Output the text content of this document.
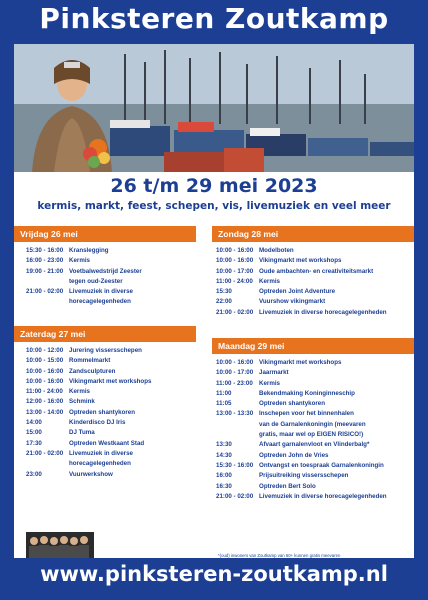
Pinksteren Zoutkamp
26 t/m 29 mei 2023
kermis, markt, feest, schepen, vis, livemuziek en veel meer
Vrijdag 26 mei
15:30 - 16:00 Kranslegging
16:00 - 23:00 Kermis
19:00 - 21:00 Voetbalwedstrijd Zeester
tegen oud-Zeester
21:00 - 02:00 Livemuziek in diverse
horecagelegenheden
Zaterdag 27 mei
10:00 - 12:00 Jurering vissersschepen
10:00 - 15:00 Rommelmarkt
10:00 - 16:00 Zandsculpturen
10:00 - 16:00 Vikingmarkt met workshops
11:00 - 24:00 Kermis
12:00 - 16:00 Schmink
13:00 - 14:00 Optreden shantykoren
14:00	Kinderdisco DJ Iris
15:00	DJ Tuma
17:30	Optreden Westkaant Stad
21:00 - 02:00 Livemuziek in diverse
horecagelegenheden
23:00	Vuurwerkshow
Zondag 28 mei
10:00 - 16:00 Modelboten
10:00 - 16:00 Vikingmarkt met workshops
10:00 - 17:00 Oude ambachten- en creativiteitsmarkt
11:00 - 24:00 Kermis
15:30	Optreden Joint Adventure
22:00	Vuurshow vikingmarkt
21:00 - 02:00 Livemuziek in diverse horecagelegenheden
Maandag 29 mei
10:00 - 16:00 Vikingmarkt met workshops
10:00 - 17:00 Jaarmarkt
11:00 - 23:00 Kermis
11:00	Bekendmaking Koninginneschip
11:05	Optreden shantykoren
13:00 - 13:30 Inschepen voor het binnenhalen
van de Garnalenkoningin (meevaren
gratis, maar wel op EIGEN RISICO!)
13:30	Afvaart garnalenvloot en Vlinderbalg*
14:30	Optreden John de Vries
15:30 - 16:00 Ontvangst en toespraak Garnalenkoningin
16:00	Prijsuitreiking vissersschepen
16:30	Optreden Bert Solo
21:00 - 02:00 Livemuziek in diverse horecagelegenheden
*(oud) inwoners van Zoutkamp van 60+ kunnen gratis meevaren
www.pinksteren-zoutkamp.nl
